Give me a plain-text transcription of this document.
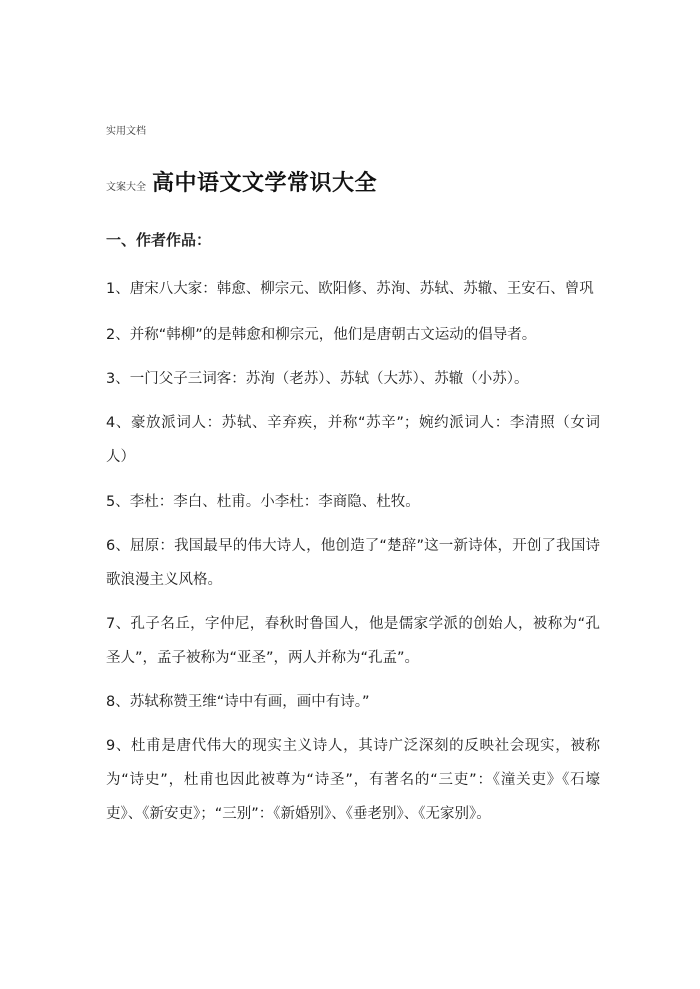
实用文档
文案大全 高中语文文学常识大全
一、作者作品：

1、唐宋八大家：韩愈、柳宗元、欧阳修、苏洵、苏轼、苏辙、王安石、曾巩

2、并称“韩柳”的是韩愈和柳宗元，他们是唐朝古文运动的倡导者。

3、一门父子三词客：苏洵（老苏）、苏轼（大苏）、苏辙（小苏）。

4、豪放派词人：苏轼、辛弃疾，并称“苏辛”；婉约派词人：李清照（女词人）

5、李杜：李白、杜甫。小李杜：李商隐、杜牧。

6、屈原：我国最早的伟大诗人，他创造了“楚辞”这一新诗体，开创了我国诗歌浪漫主义风格。

7、孔子名丘，字仲尼，春秋时鲁国人，他是儒家学派的创始人，被称为“孔圣人”，孟子被称为“亚圣”，两人并称为“孔孟”。

8、苏轼称赞王维“诗中有画，画中有诗。”

9、杜甫是唐代伟大的现实主义诗人，其诗广泛深刻的反映社会现实，被称为“诗史”，杜甫也因此被尊为“诗圣”，有著名的“三吏”：《潼关吏》《石壕吏》、《新安吏》；“三别”：《新婚别》、《垂老别》、《无家别》。
